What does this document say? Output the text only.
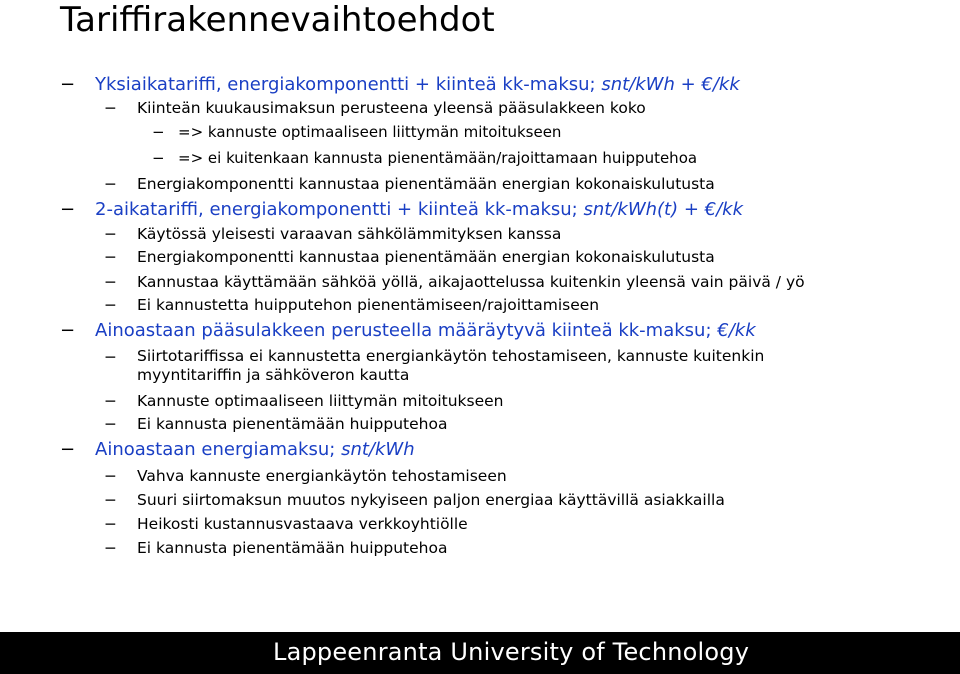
Tariffirakennevaihtoehdot
− Yksiaikatariffi, energiakomponentti + kiinteä kk-maksu; snt/kWh + €/kk
− Kiinteän kuukausimaksun perusteena yleensä pääsulakkeen koko
− => kannuste optimaaliseen liittymän mitoitukseen
− => ei kuitenkaan kannusta pienentämään/rajoittamaan huipputehoa
− Energiakomponentti kannustaa pienentämään energian kokonaiskulutusta
− 2-aikatariffi, energiakomponentti + kiinteä kk-maksu; snt/kWh(t) + €/kk
− Käytössä yleisesti varaavan sähkölämmityksen kanssa
− Energiakomponentti kannustaa pienentämään energian kokonaiskulutusta
− Kannustaa käyttämään sähköä yöllä, aikajaottelussa kuitenkin yleensä vain päivä / yö
− Ei kannustetta huipputehon pienentämiseen/rajoittamiseen
− Ainoastaan pääsulakkeen perusteella määräytyvä kiinteä kk-maksu; €/kk
− Siirtotariffissa ei kannustetta energiankäytön tehostamiseen, kannuste kuitenkin myyntitariffin ja sähköveron kautta
− Kannuste optimaaliseen liittymän mitoitukseen
− Ei kannusta pienentämään huipputehoa
− Ainoastaan energiamaksu; snt/kWh
− Vahva kannuste energiankäytön tehostamiseen
− Suuri siirtomaksun muutos nykyiseen paljon energiaa käyttävillä asiakkailla
− Heikosti kustannusvastaava verkkoyhtiölle
− Ei kannusta pienentämään huipputehoa
Lappeenranta University of Technology
